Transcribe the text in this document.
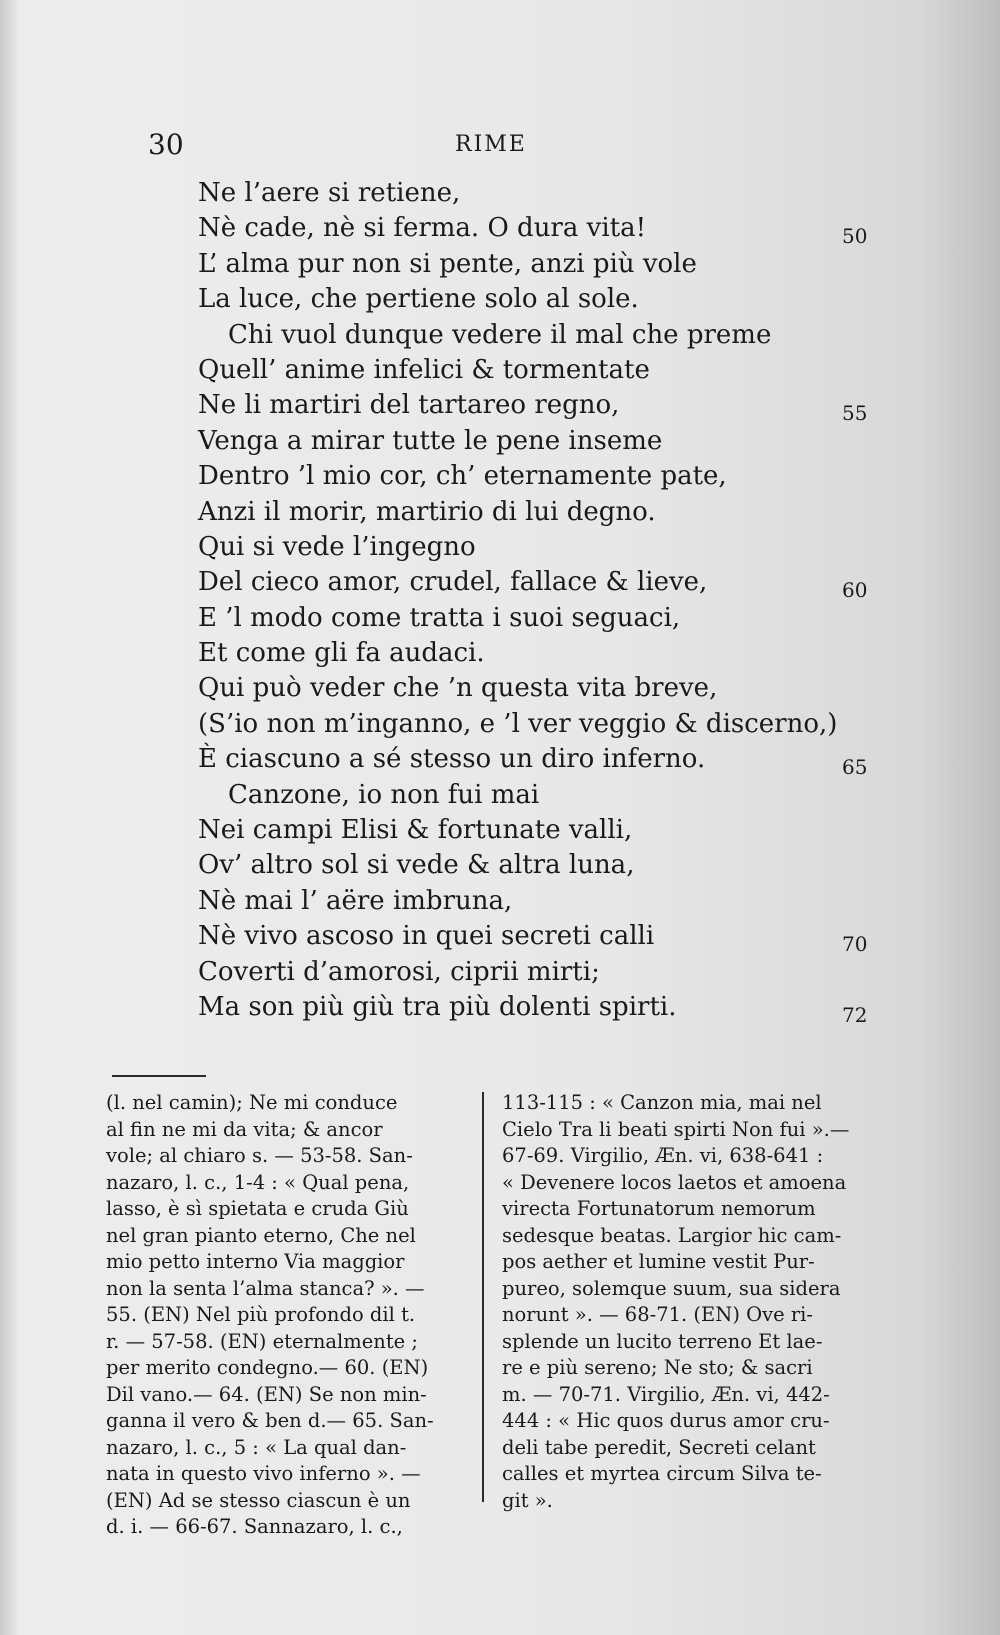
30	RIME
Ne l’aere si retiene,
Nè cade, nè si ferma. O dura vita!	50
L’ alma pur non si pente, anzi più vole
La luce, che pertiene solo al sole.
Chi vuol dunque vedere il mal che preme
Quell’ anime infelici & tormentate
Ne li martiri del tartareo regno,	55
Venga a mirar tutte le pene inseme
Dentro ’l mio cor, ch’ eternamente pate,
Anzi il morir, martirio di lui degno.
Qui si vede l’ingegno
Del cieco amor, crudel, fallace & lieve,	60
E ’l modo come tratta i suoi seguaci,
Et come gli fa audaci.
Qui può veder che ’n questa vita breve,
(S’io non m’inganno, e ’l ver veggio & discerno,)
È ciascuno a sé stesso un diro inferno.	65
Canzone, io non fui mai
Nei campi Elisi & fortunate valli,
Ov’ altro sol si vede & altra luna,
Nè mai l’ aëre imbruna,
Nè vivo ascoso in quei secreti calli	70
Coverti d’amorosi, ciprii mirti;
Ma son più giù tra più dolenti spirti.	72
(l. nel camin); Ne mi conduce
al fin ne mi da vita; & ancor
vole; al chiaro s. — 53-58. San-
nazaro, l. c., 1-4 : « Qual pena,
lasso, è sì spietata e cruda Giù
nel gran pianto eterno, Che nel
mio petto interno Via maggior
non la senta l’alma stanca? ». —
55. (EN) Nel più profondo dil t.
r. — 57-58. (EN) eternalmente ;
per merito condegno.— 60. (EN)
Dil vano.— 64. (EN) Se non min-
ganna il vero & ben d.— 65. San-
nazaro, l. c., 5 : « La qual dan-
nata in questo vivo inferno ». —
(EN) Ad se stesso ciascun è un
d. i. — 66-67. Sannazaro, l. c.,
113-115 : « Canzon mia, mai nel
Cielo Tra li beati spirti Non fui ».—
67-69. Virgilio, Æn. vi, 638-641 :
« Devenere locos laetos et amoena
virecta Fortunatorum nemorum
sedesque beatas. Largior hic cam-
pos aether et lumine vestit Pur-
pureo, solemque suum, sua sidera
norunt ». — 68-71. (EN) Ove ri-
splende un lucito terreno Et lae-
re e più sereno; Ne sto; & sacri
m. — 70-71. Virgilio, Æn. vi, 442-
444 : « Hic quos durus amor cru-
deli tabe peredit, Secreti celant
calles et myrtea circum Silva te-
git ».
